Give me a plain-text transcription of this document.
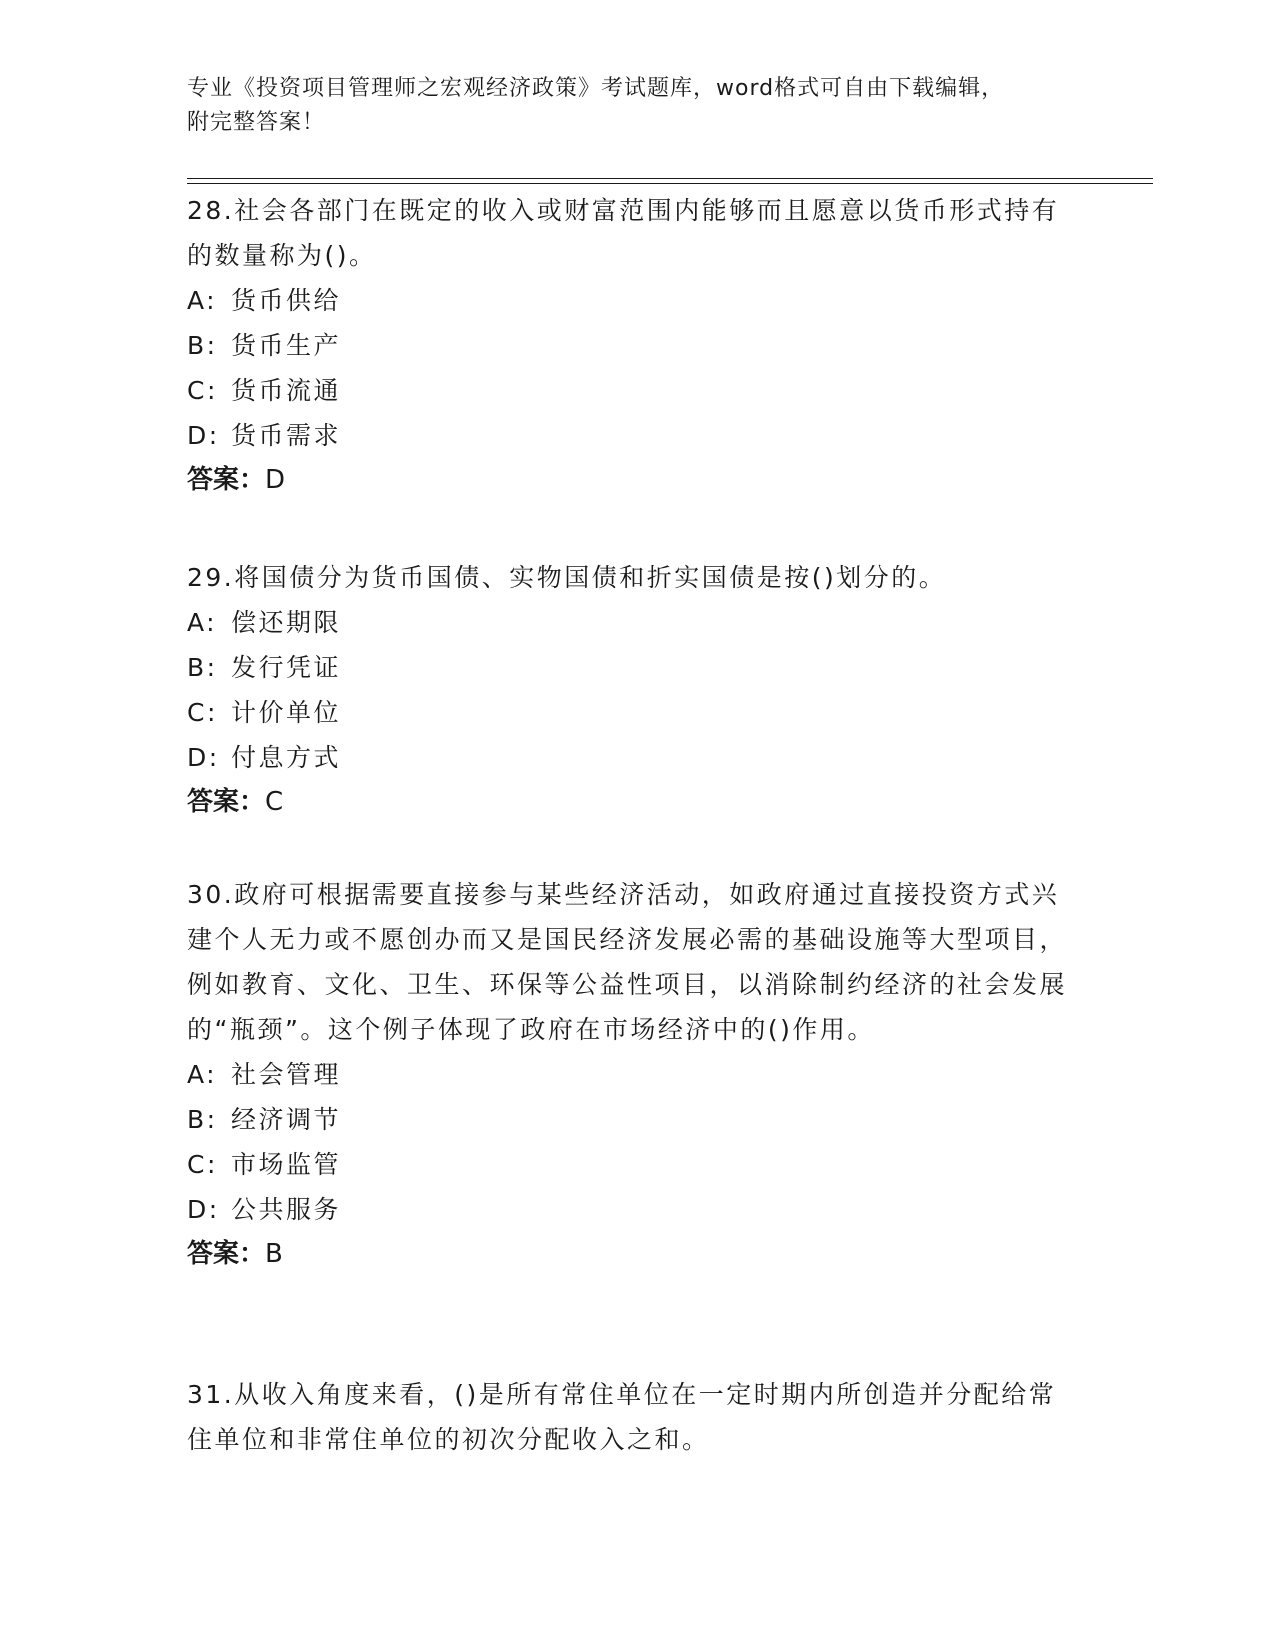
专业《投资项目管理师之宏观经济政策》考试题库，word格式可自由下载编辑，
附完整答案！

28.社会各部门在既定的收入或财富范围内能够而且愿意以货币形式持有的数量称为()。

A: 货币供给
B: 货币生产
C: 货币流通
D: 货币需求
答案：D

29.将国债分为货币国债、实物国债和折实国债是按()划分的。

A: 偿还期限
B: 发行凭证
C: 计价单位
D: 付息方式
答案：C

30.政府可根据需要直接参与某些经济活动，如政府通过直接投资方式兴建个人无力或不愿创办而又是国民经济发展必需的基础设施等大型项目，例如教育、文化、卫生、环保等公益性项目，以消除制约经济的社会发展的“瓶颈”。这个例子体现了政府在市场经济中的()作用。

A: 社会管理
B: 经济调节
C: 市场监管
D: 公共服务
答案：B

31.从收入角度来看，()是所有常住单位在一定时期内所创造并分配给常住单位和非常住单位的初次分配收入之和。
